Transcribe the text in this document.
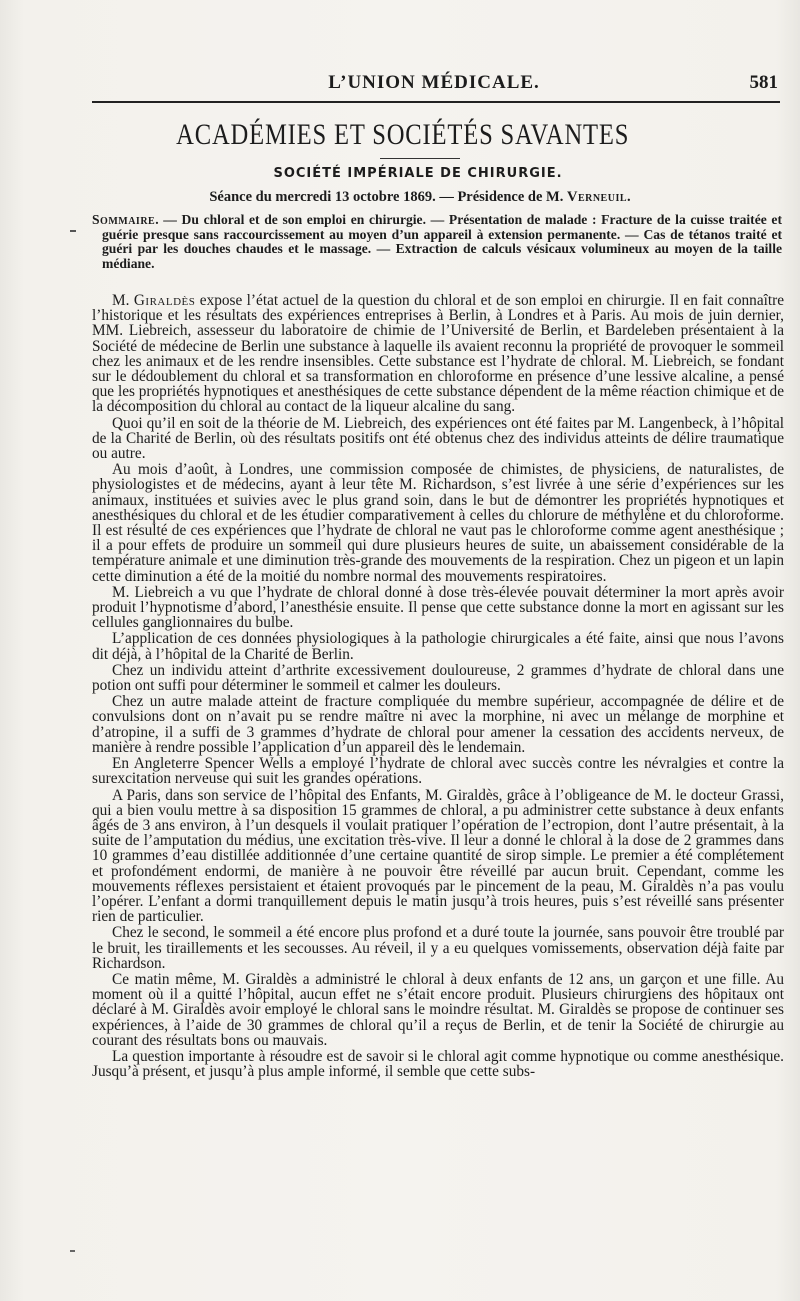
L’UNION MÉDICALE.	581
ACADÉMIES ET SOCIÉTÉS SAVANTES
SOCIÉTÉ IMPÉRIALE DE CHIRURGIE.
Séance du mercredi 13 octobre 1869. — Présidence de M. Verneuil.
Sommaire. — Du chloral et de son emploi en chirurgie. — Présentation de malade : Fracture de la cuisse traitée et guérie presque sans raccourcissement au moyen d’un appareil à extension permanente. — Cas de tétanos traité et guéri par les douches chaudes et le massage. — Extraction de calculs vésicaux volumineux au moyen de la taille médiane.

M. Giraldès expose l’état actuel de la question du chloral et de son emploi en chirurgie. Il en fait connaître l’historique et les résultats des expériences entreprises à Berlin, à Londres et à Paris. Au mois de juin dernier, MM. Liebreich, assesseur du laboratoire de chimie de l’Université de Berlin, et Bardeleben présentaient à la Société de médecine de Berlin une substance à laquelle ils avaient reconnu la propriété de provoquer le sommeil chez les animaux et de les rendre insensibles. Cette substance est l’hydrate de chloral. M. Liebreich, se fondant sur le dédoublement du chloral et sa transformation en chloroforme en présence d’une lessive alcaline, a pensé que les propriétés hypnotiques et anesthésiques de cette substance dépendent de la même réaction chimique et de la décomposition du chloral au contact de la liqueur alcaline du sang.

Quoi qu’il en soit de la théorie de M. Liebreich, des expériences ont été faites par M. Langenbeck, à l’hôpital de la Charité de Berlin, où des résultats positifs ont été obtenus chez des individus atteints de délire traumatique ou autre.

Au mois d’août, à Londres, une commission composée de chimistes, de physiciens, de naturalistes, de physiologistes et de médecins, ayant à leur tête M. Richardson, s’est livrée à une série d’expériences sur les animaux, instituées et suivies avec le plus grand soin, dans le but de démontrer les propriétés hypnotiques et anesthésiques du chloral et de les étudier comparativement à celles du chlorure de méthylène et du chloroforme. Il est résulté de ces expériences que l’hydrate de chloral ne vaut pas le chloroforme comme agent anesthésique ; il a pour effets de produire un sommeil qui dure plusieurs heures de suite, un abaissement considérable de la température animale et une diminution très-grande des mouvements de la respiration. Chez un pigeon et un lapin cette diminution a été de la moitié du nombre normal des mouvements respiratoires.

M. Liebreich a vu que l’hydrate de chloral donné à dose très-élevée pouvait déterminer la mort après avoir produit l’hypnotisme d’abord, l’anesthésie ensuite. Il pense que cette substance donne la mort en agissant sur les cellules ganglionnaires du bulbe.

L’application de ces données physiologiques à la pathologie chirurgicales a été faite, ainsi que nous l’avons dit déjà, à l’hôpital de la Charité de Berlin.

Chez un individu atteint d’arthrite excessivement douloureuse, 2 grammes d’hydrate de chloral dans une potion ont suffi pour déterminer le sommeil et calmer les douleurs.

Chez un autre malade atteint de fracture compliquée du membre supérieur, accompagnée de délire et de convulsions dont on n’avait pu se rendre maître ni avec la morphine, ni avec un mélange de morphine et d’atropine, il a suffi de 3 grammes d’hydrate de chloral pour amener la cessation des accidents nerveux, de manière à rendre possible l’application d’un appareil dès le lendemain.

En Angleterre Spencer Wells a employé l’hydrate de chloral avec succès contre les névralgies et contre la surexcitation nerveuse qui suit les grandes opérations.

A Paris, dans son service de l’hôpital des Enfants, M. Giraldès, grâce à l’obligeance de M. le docteur Grassi, qui a bien voulu mettre à sa disposition 15 grammes de chloral, a pu administrer cette substance à deux enfants âgés de 3 ans environ, à l’un desquels il voulait pratiquer l’opération de l’ectropion, dont l’autre présentait, à la suite de l’amputation du médius, une excitation très-vive. Il leur a donné le chloral à la dose de 2 grammes dans 10 grammes d’eau distillée additionnée d’une certaine quantité de sirop simple. Le premier a été complétement et profondément endormi, de manière à ne pouvoir être réveillé par aucun bruit. Cependant, comme les mouvements réflexes persistaient et étaient provoqués par le pincement de la peau, M. Giraldès n’a pas voulu l’opérer. L’enfant a dormi tranquillement depuis le matin jusqu’à trois heures, puis s’est réveillé sans présenter rien de particulier.

Chez le second, le sommeil a été encore plus profond et a duré toute la journée, sans pouvoir être troublé par le bruit, les tiraillements et les secousses. Au réveil, il y a eu quelques vomissements, observation déjà faite par Richardson.

Ce matin même, M. Giraldès a administré le chloral à deux enfants de 12 ans, un garçon et une fille. Au moment où il a quitté l’hôpital, aucun effet ne s’était encore produit. Plusieurs chirurgiens des hôpitaux ont déclaré à M. Giraldès avoir employé le chloral sans le moindre résultat. M. Giraldès se propose de continuer ses expériences, à l’aide de 30 grammes de chloral qu’il a reçus de Berlin, et de tenir la Société de chirurgie au courant des résultats bons ou mauvais.

La question importante à résoudre est de savoir si le chloral agit comme hypnotique ou comme anesthésique. Jusqu’à présent, et jusqu’à plus ample informé, il semble que cette subs-
